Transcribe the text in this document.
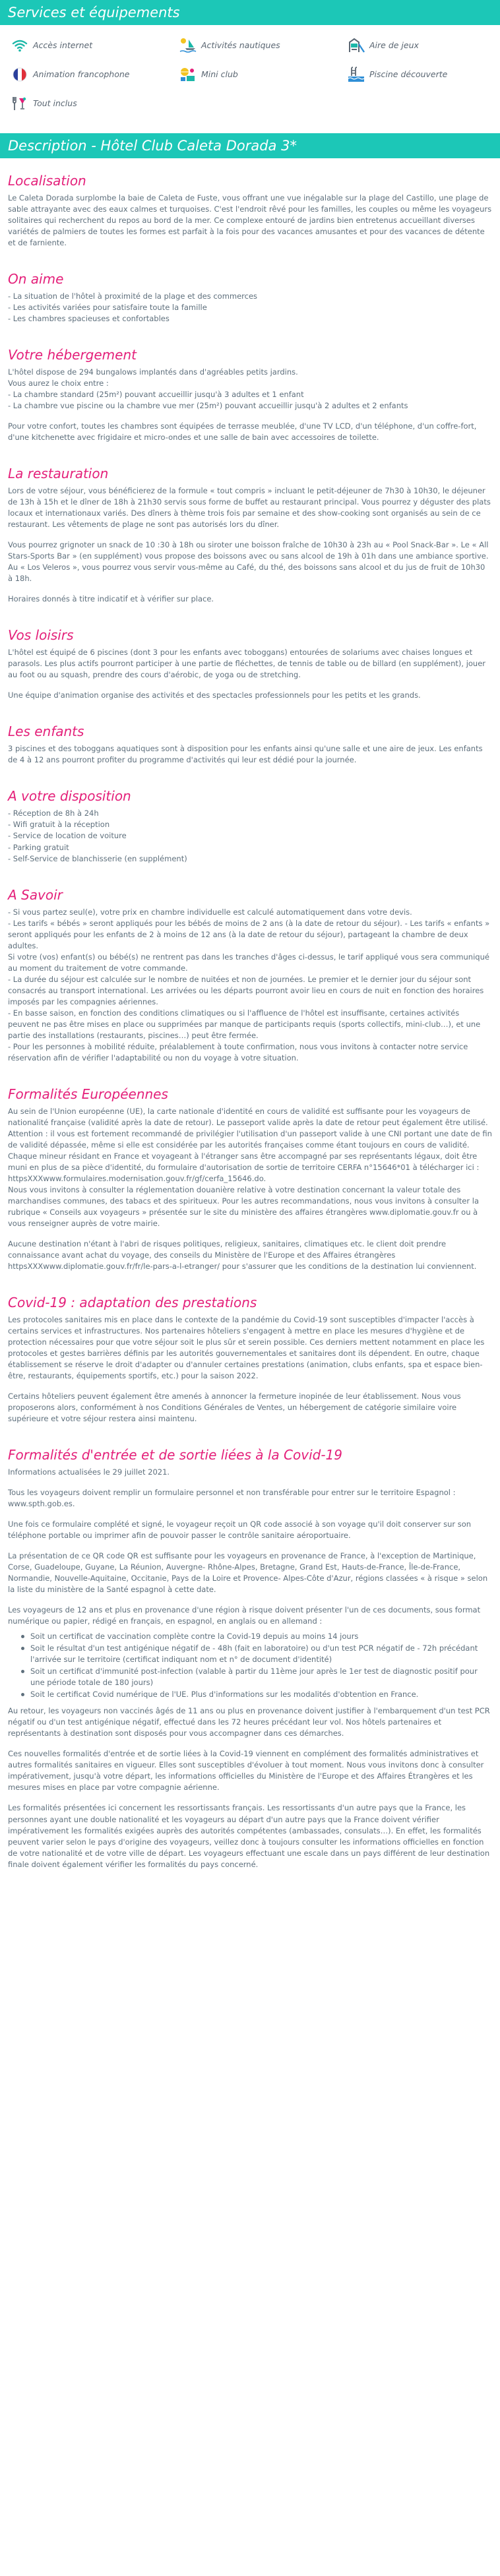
Services et équipements
Accès internet	Activités nautiques	Aire de jeux
Animation francophone	Mini club	Piscine découverte
Tout inclus
Description - Hôtel Club Caleta Dorada 3*
Localisation

Le Caleta Dorada surplombe la baie de Caleta de Fuste, vous offrant une vue inégalable sur la plage del Castillo, une plage de sable attrayante avec des eaux calmes et turquoises. C'est l'endroit rêvé pour les familles, les couples ou même les voyageurs solitaires qui recherchent du repos au bord de la mer. Ce complexe entouré de jardins bien entretenus accueillant diverses variétés de palmiers de toutes les formes est parfait à la fois pour des vacances amusantes et pour des vacances de détente et de farniente.

On aime
- La situation de l'hôtel à proximité de la plage et des commerces
- Les activités variées pour satisfaire toute la famille
- Les chambres spacieuses et confortables
Votre hébergement
L'hôtel dispose de 294 bungalows implantés dans d'agréables petits jardins.
Vous aurez le choix entre :
- La chambre standard (25m²) pouvant accueillir jusqu'à 3 adultes et 1 enfant
- La chambre vue piscine ou la chambre vue mer (25m²) pouvant accueillir jusqu'à 2 adultes et 2 enfants

Pour votre confort, toutes les chambres sont équipées de terrasse meublée, d'une TV LCD, d'un téléphone, d'un coffre-fort, d'une kitchenette avec frigidaire et micro-ondes et une salle de bain avec accessoires de toilette.

La restauration

Lors de votre séjour, vous bénéficierez de la formule « tout compris » incluant le petit-déjeuner de 7h30 à 10h30, le déjeuner de 13h à 15h et le dîner de 18h à 21h30 servis sous forme de buffet au restaurant principal. Vous pourrez y déguster des plats locaux et internationaux variés. Des dîners à thème trois fois par semaine et des show-cooking sont organisés au sein de ce restaurant. Les vêtements de plage ne sont pas autorisés lors du dîner.

Vous pourrez grignoter un snack de 10 :30 à 18h ou siroter une boisson fraîche de 10h30 à 23h au « Pool Snack-Bar ». Le « All Stars-Sports Bar » (en supplément) vous propose des boissons avec ou sans alcool de 19h à 01h dans une ambiance sportive. Au « Los Veleros », vous pourrez vous servir vous-même au Café, du thé, des boissons sans alcool et du jus de fruit de 10h30 à 18h.

Horaires donnés à titre indicatif et à vérifier sur place.

Vos loisirs

L'hôtel est équipé de 6 piscines (dont 3 pour les enfants avec toboggans) entourées de solariums avec chaises longues et parasols. Les plus actifs pourront participer à une partie de fléchettes, de tennis de table ou de billard (en supplément), jouer au foot ou au squash, prendre des cours d'aérobic, de yoga ou de stretching.

Une équipe d'animation organise des activités et des spectacles professionnels pour les petits et les grands.

Les enfants

3 piscines et des toboggans aquatiques sont à disposition pour les enfants ainsi qu'une salle et une aire de jeux. Les enfants de 4 à 12 ans pourront profiter du programme d'activités qui leur est dédié pour la journée.

A votre disposition
- Réception de 8h à 24h
- Wifi gratuit à la réception
- Service de location de voiture
- Parking gratuit
- Self-Service de blanchisserie (en supplément)
A Savoir

- Si vous partez seul(e), votre prix en chambre individuelle est calculé automatiquement dans votre devis.

- Les tarifs « bébés » seront appliqués pour les bébés de moins de 2 ans (à la date de retour du séjour). - Les tarifs « enfants » seront appliqués pour les enfants de 2 à moins de 12 ans (à la date de retour du séjour), partageant la chambre de deux adultes.

Si votre (vos) enfant(s) ou bébé(s) ne rentrent pas dans les tranches d'âges ci-dessus, le tarif appliqué vous sera communiqué au moment du traitement de votre commande.

- La durée du séjour est calculée sur le nombre de nuitées et non de journées. Le premier et le dernier jour du séjour sont consacrés au transport international. Les arrivées ou les départs pourront avoir lieu en cours de nuit en fonction des horaires imposés par les compagnies aériennes.

- En basse saison, en fonction des conditions climatiques ou si l'affluence de l'hôtel est insuffisante, certaines activités peuvent ne pas être mises en place ou supprimées par manque de participants requis (sports collectifs, mini-club…), et une partie des installations (restaurants, piscines…) peut être fermée.

- Pour les personnes à mobilité réduite, préalablement à toute confirmation, nous vous invitons à contacter notre service réservation afin de vérifier l'adaptabilité ou non du voyage à votre situation.

Formalités Européennes

Au sein de l'Union européenne (UE), la carte nationale d'identité en cours de validité est suffisante pour les voyageurs de nationalité française (validité après la date de retour). Le passeport valide après la date de retour peut également être utilisé. Attention : il vous est fortement recommandé de privilégier l'utilisation d'un passeport valide à une CNI portant une date de fin de validité dépassée, même si elle est considérée par les autorités françaises comme étant toujours en cours de validité. Chaque mineur résidant en France et voyageant à l'étranger sans être accompagné par ses représentants légaux, doit être muni en plus de sa pièce d'identité, du formulaire d'autorisation de sortie de territoire CERFA n°15646*01 à télécharger ici : httpsXXXwww.formulaires.modernisation.gouv.fr/gf/cerfa_15646.do.

Nous vous invitons à consulter la réglementation douanière relative à votre destination concernant la valeur totale des marchandises communes, des tabacs et des spiritueux. Pour les autres recommandations, nous vous invitons à consulter la rubrique « Conseils aux voyageurs » présentée sur le site du ministère des affaires étrangères www.diplomatie.gouv.fr ou à vous renseigner auprès de votre mairie.

Aucune destination n'étant à l'abri de risques politiques, religieux, sanitaires, climatiques etc. le client doit prendre connaissance avant achat du voyage, des conseils du Ministère de l'Europe et des Affaires étrangères httpsXXXwww.diplomatie.gouv.fr/fr/le-pars-a-l-etranger/ pour s'assurer que les conditions de la destination lui conviennent.

Covid-19 : adaptation des prestations

Les protocoles sanitaires mis en place dans le contexte de la pandémie du Covid-19 sont susceptibles d'impacter l'accès à certains services et infrastructures. Nos partenaires hôteliers s'engagent à mettre en place les mesures d'hygiène et de protection nécessaires pour que votre séjour soit le plus sûr et serein possible. Ces derniers mettent notamment en place les protocoles et gestes barrières définis par les autorités gouvernementales et sanitaires dont ils dépendent. En outre, chaque établissement se réserve le droit d'adapter ou d'annuler certaines prestations (animation, clubs enfants, spa et espace bien-être, restaurants, équipements sportifs, etc.) pour la saison 2022.

Certains hôteliers peuvent également être amenés à annoncer la fermeture inopinée de leur établissement. Nous vous proposerons alors, conformément à nos Conditions Générales de Ventes, un hébergement de catégorie similaire voire supérieure et votre séjour restera ainsi maintenu.

Formalités d'entrée et de sortie liées à la Covid-19

Informations actualisées le 29 juillet 2021.

Tous les voyageurs doivent remplir un formulaire personnel et non transférable pour entrer sur le territoire Espagnol : www.spth.gob.es.

Une fois ce formulaire complété et signé, le voyageur reçoit un QR code associé à son voyage qu'il doit conserver sur son téléphone portable ou imprimer afin de pouvoir passer le contrôle sanitaire aéroportuaire.

La présentation de ce QR code QR est suffisante pour les voyageurs en provenance de France, à l'exception de Martinique, Corse, Guadeloupe, Guyane, La Réunion, Auvergne- Rhône-Alpes, Bretagne, Grand Est, Hauts-de-France, Île-de-France, Normandie, Nouvelle-Aquitaine, Occitanie, Pays de la Loire et Provence- Alpes-Côte d'Azur, régions classées « à risque » selon la liste du ministère de la Santé espagnol à cette date.

Les voyageurs de 12 ans et plus en provenance d'une région à risque doivent présenter l'un de ces documents, sous format numérique ou papier, rédigé en français, en espagnol, en anglais ou en allemand :

Soit un certificat de vaccination complète contre la Covid-19 depuis au moins 14 jours
Soit le résultat d'un test antigénique négatif de - 48h (fait en laboratoire) ou d'un test PCR négatif de - 72h précédant l'arrivée sur le territoire (certificat indiquant nom et n° de document d'identité)
Soit un certificat d'immunité post-infection (valable à partir du 11ème jour après le 1er test de diagnostic positif pour une période totale de 180 jours)
Soit le certificat Covid numérique de l'UE. Plus d'informations sur les modalités d'obtention en France.

Au retour, les voyageurs non vaccinés âgés de 11 ans ou plus en provenance doivent justifier à l'embarquement d'un test PCR négatif ou d'un test antigénique négatif, effectué dans les 72 heures précédant leur vol. Nos hôtels partenaires et représentants à destination sont disposés pour vous accompagner dans ces démarches.

Ces nouvelles formalités d'entrée et de sortie liées à la Covid-19 viennent en complément des formalités administratives et autres formalités sanitaires en vigueur. Elles sont susceptibles d'évoluer à tout moment. Nous vous invitons donc à consulter impérativement, jusqu'à votre départ, les informations officielles du Ministère de l'Europe et des Affaires Étrangères et les mesures mises en place par votre compagnie aérienne.

Les formalités présentées ici concernent les ressortissants français. Les ressortissants d'un autre pays que la France, les personnes ayant une double nationalité et les voyageurs au départ d'un autre pays que la France doivent vérifier impérativement les formalités exigées auprès des autorités compétentes (ambassades, consulats…). En effet, les formalités peuvent varier selon le pays d'origine des voyageurs, veillez donc à toujours consulter les informations officielles en fonction de votre nationalité et de votre ville de départ. Les voyageurs effectuant une escale dans un pays différent de leur destination finale doivent également vérifier les formalités du pays concerné.
